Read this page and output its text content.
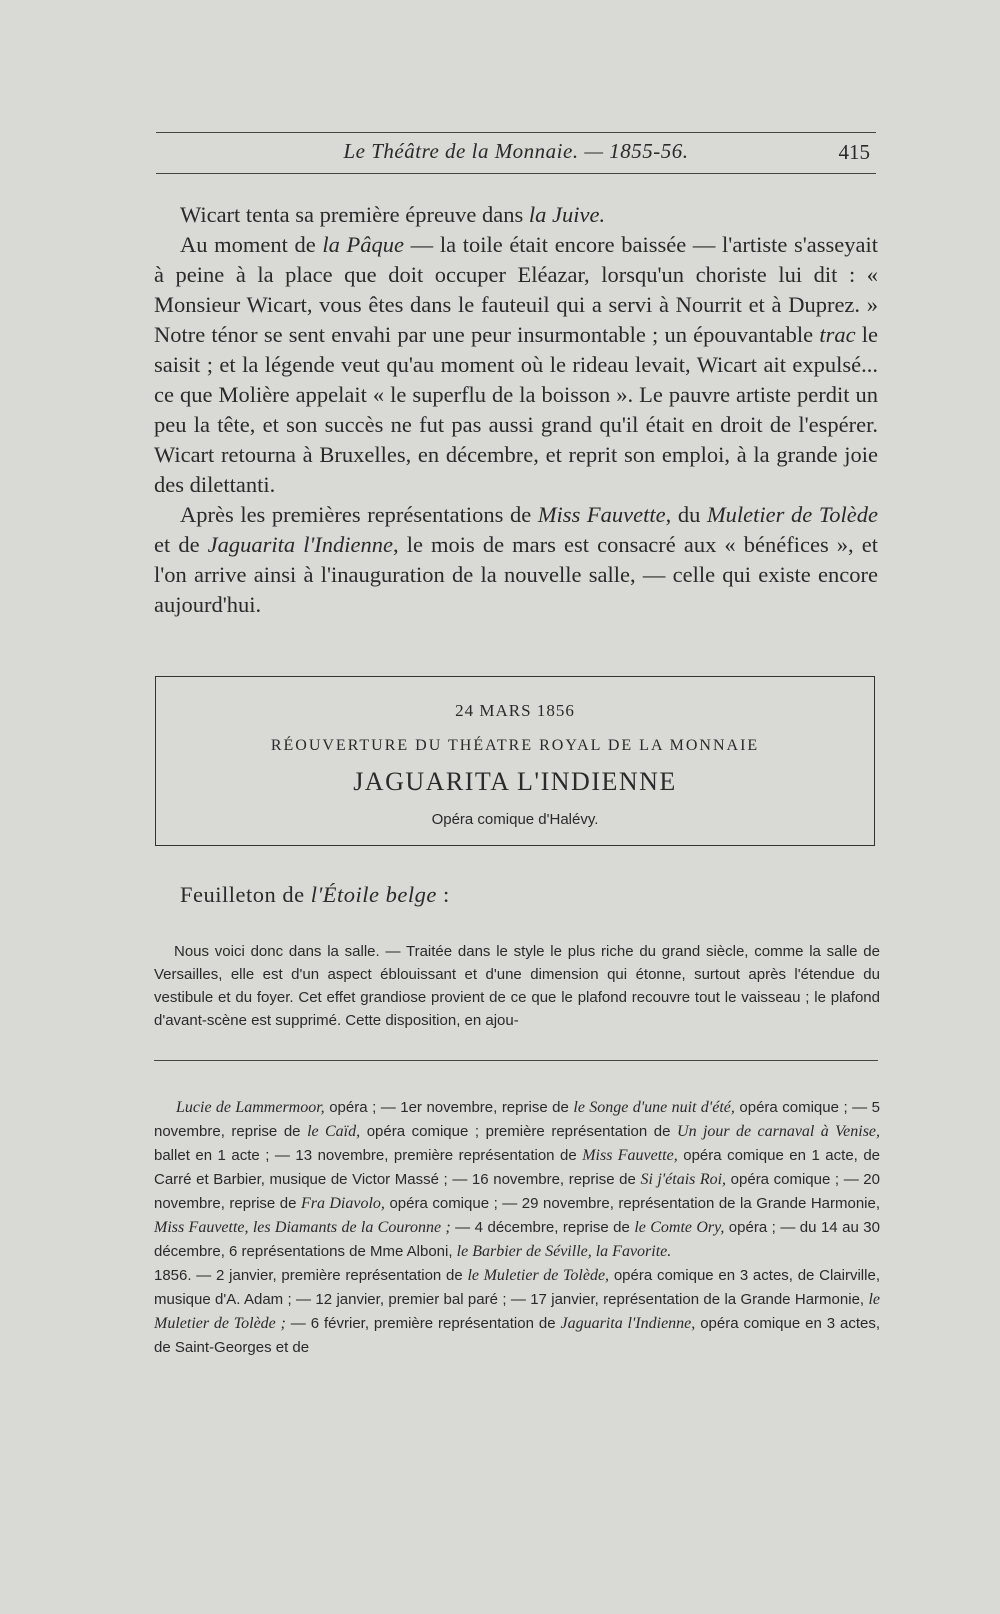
Le Théâtre de la Monnaie. — 1855-56.	415

Wicart tenta sa première épreuve dans la Juive.

Au moment de la Pâque — la toile était encore baissée — l'artiste s'asseyait à peine à la place que doit occuper Eléazar, lorsqu'un choriste lui dit : « Monsieur Wicart, vous êtes dans le fauteuil qui a servi à Nourrit et à Duprez. » Notre ténor se sent envahi par une peur insurmontable ; un épouvantable trac le saisit ; et la légende veut qu'au moment où le rideau levait, Wicart ait expulsé... ce que Molière appelait « le superflu de la boisson ». Le pauvre artiste perdit un peu la tête, et son succès ne fut pas aussi grand qu'il était en droit de l'espérer. Wicart retourna à Bruxelles, en décembre, et reprit son emploi, à la grande joie des dilettanti.

Après les premières représentations de Miss Fauvette, du Muletier de Tolède et de Jaguarita l'Indienne, le mois de mars est consacré aux « bénéfices », et l'on arrive ainsi à l'inauguration de la nouvelle salle, — celle qui existe encore aujourd'hui.

24 MARS 1856
RÉOUVERTURE DU THÉATRE ROYAL DE LA MONNAIE
JAGUARITA L'INDIENNE
Opéra comique d'Halévy.
Feuilleton de l'Étoile belge :

Nous voici donc dans la salle. — Traitée dans le style le plus riche du grand siècle, comme la salle de Versailles, elle est d'un aspect éblouissant et d'une dimension qui étonne, surtout après l'étendue du vestibule et du foyer. Cet effet grandiose provient de ce que le plafond recouvre tout le vaisseau ; le plafond d'avant-scène est supprimé. Cette disposition, en ajou-

Lucie de Lammermoor, opéra ; — 1er novembre, reprise de le Songe d'une nuit d'été, opéra comique ; — 5 novembre, reprise de le Caïd, opéra comique ; première représentation de Un jour de carnaval à Venise, ballet en 1 acte ; — 13 novembre, première représentation de Miss Fauvette, opéra comique en 1 acte, de Carré et Barbier, musique de Victor Massé ; — 16 novembre, reprise de Si j'étais Roi, opéra comique ; — 20 novembre, reprise de Fra Diavolo, opéra comique ; — 29 novembre, représentation de la Grande Harmonie, Miss Fauvette, les Diamants de la Couronne ; — 4 décembre, reprise de le Comte Ory, opéra ; — du 14 au 30 décembre, 6 représentations de Mme Alboni, le Barbier de Séville, la Favorite.

1856. — 2 janvier, première représentation de le Muletier de Tolède, opéra comique en 3 actes, de Clairville, musique d'A. Adam ; — 12 janvier, premier bal paré ; — 17 janvier, représentation de la Grande Harmonie, le Muletier de Tolède ; — 6 février, première représentation de Jaguarita l'Indienne, opéra comique en 3 actes, de Saint-Georges et de
